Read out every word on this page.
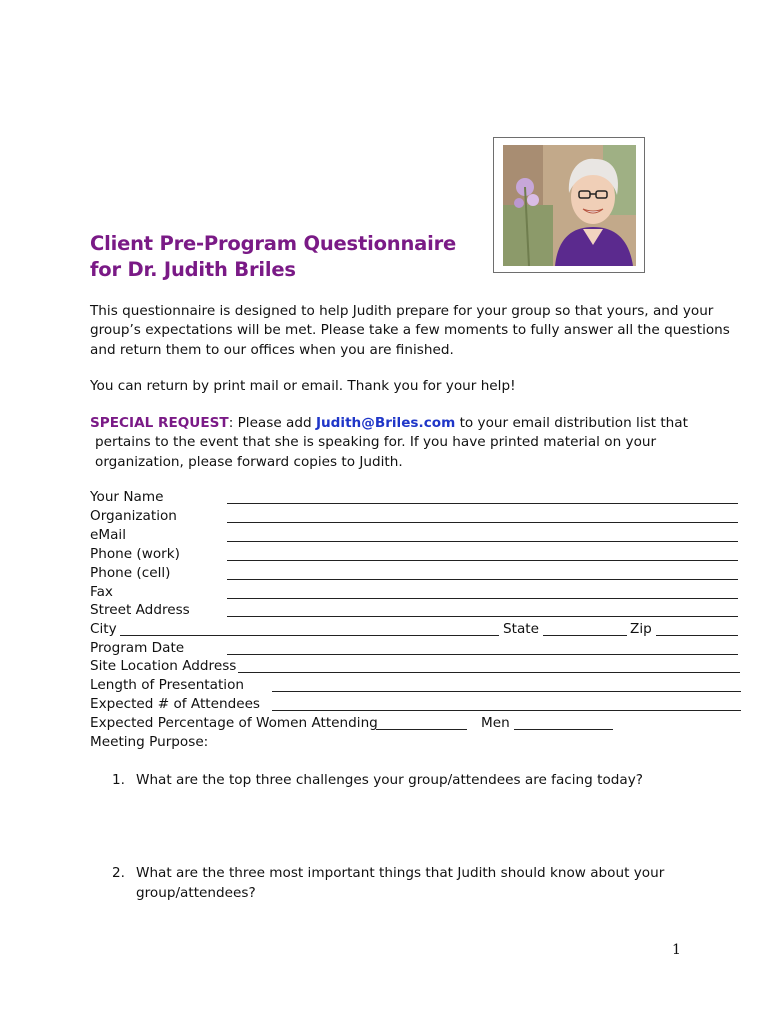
Client Pre-Program Questionnaire
for Dr. Judith Briles
This questionnaire is designed to help Judith prepare for your group so that yours, and your
group’s expectations will be met. Please take a few moments to fully answer all the questions
and return them to our offices when you are finished.
You can return by print mail or email. Thank you for your help!
SPECIAL REQUEST: Please add Judith@Briles.com to your email distribution list that
pertains to the event that she is speaking for. If you have printed material on your
organization, please forward copies to Judith.
Your Name
Organization
eMail
Phone (work)
Phone (cell)
Fax
Street Address
City	State	Zip
Program Date
Site Location Address
Length of Presentation
Expected # of Attendees
Expected Percentage of Women Attending	Men
Meeting Purpose:
1. What are the top three challenges your group/attendees are facing today?
2. What are the three most important things that Judith should know about your
group/attendees?
1
